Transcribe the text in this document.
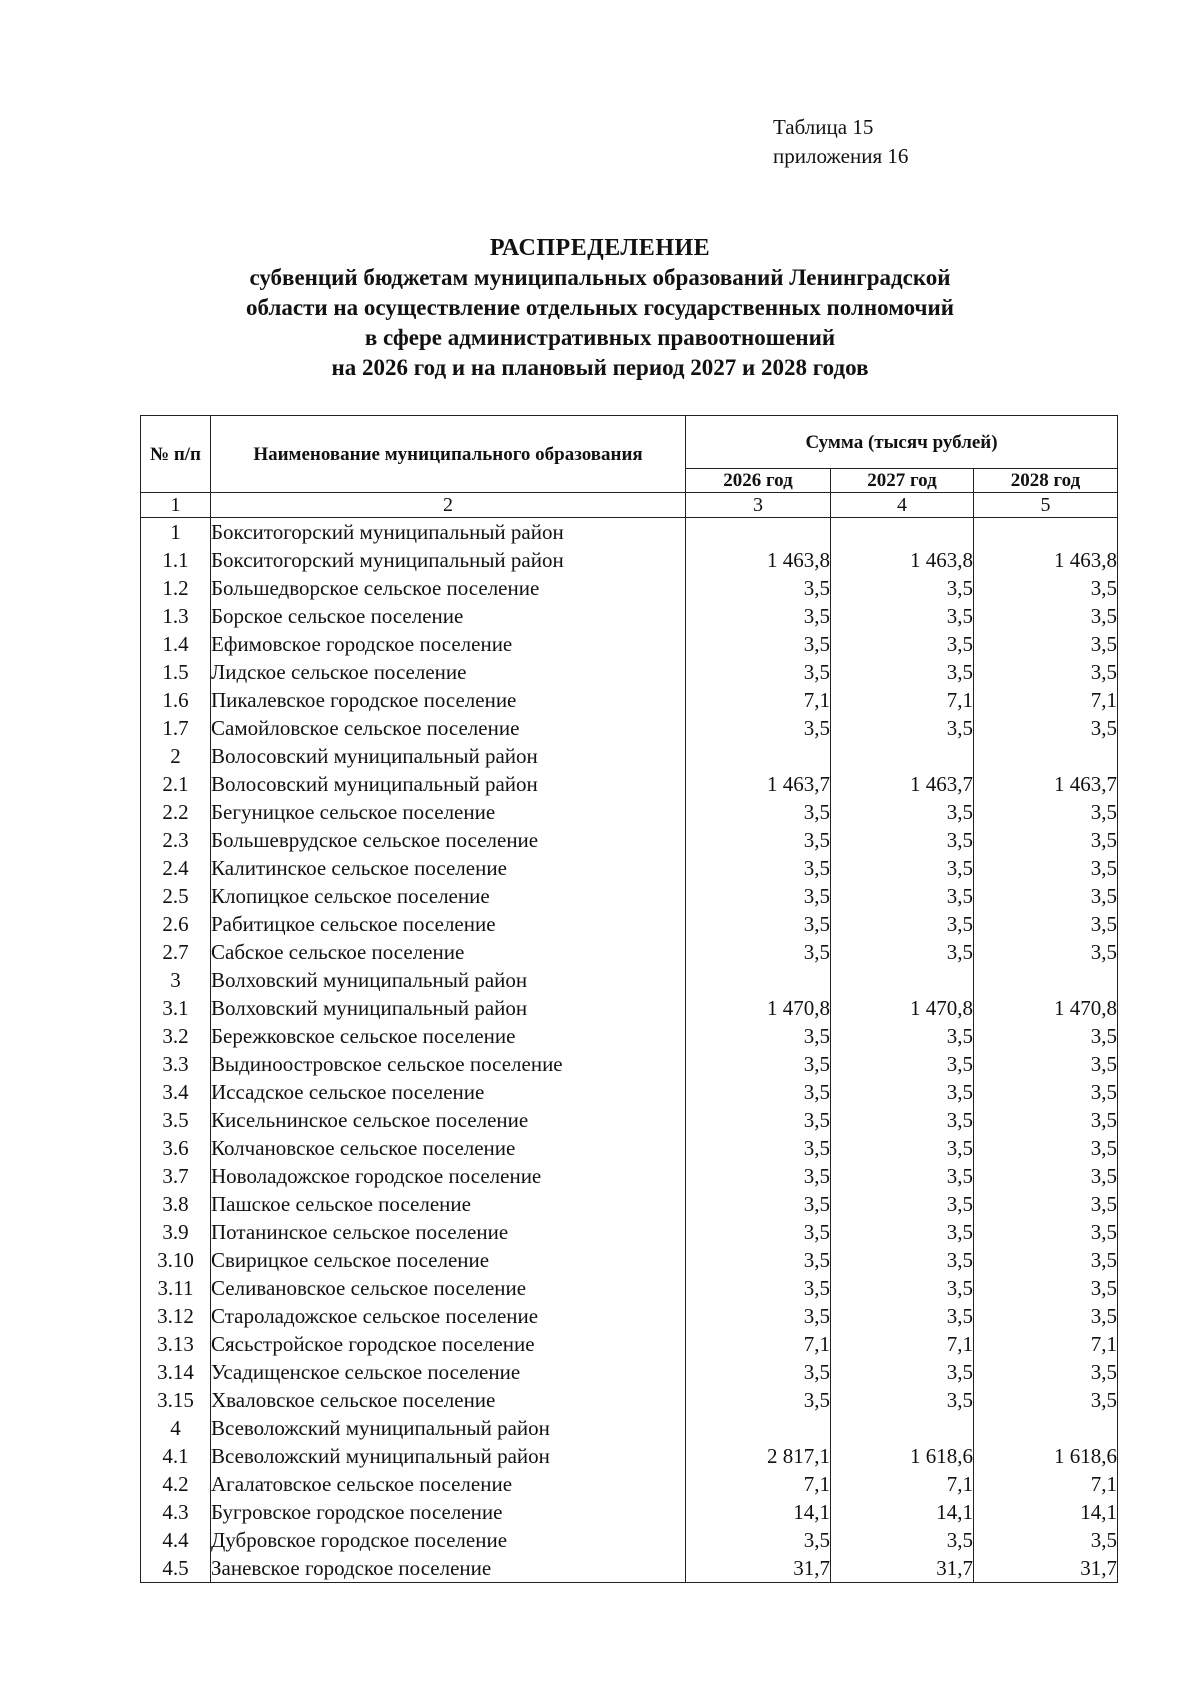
Таблица 15
приложения 16
РАСПРЕДЕЛЕНИЕ
субвенций бюджетам муниципальных образований Ленинградской
области на осуществление отдельных государственных полномочий
в сфере административных правоотношений
на 2026 год и на плановый период 2027 и 2028 годов
№ п/п	Наименование муниципального образования	Сумма (тысяч рублей)		
		2026 год	2027 год	2028 год
1	2	3	4	5
1	Бокситогорский муниципальный район			
1.1	Бокситогорский муниципальный район	1 463,8	1 463,8	1 463,8
1.2	Большедворское сельское поселение	3,5	3,5	3,5
1.3	Борское сельское поселение	3,5	3,5	3,5
1.4	Ефимовское городское поселение	3,5	3,5	3,5
1.5	Лидское сельское поселение	3,5	3,5	3,5
1.6	Пикалевское городское поселение	7,1	7,1	7,1
1.7	Самойловское сельское поселение	3,5	3,5	3,5
2	Волосовский муниципальный район			
2.1	Волосовский муниципальный район	1 463,7	1 463,7	1 463,7
2.2	Бегуницкое сельское поселение	3,5	3,5	3,5
2.3	Большеврудское сельское поселение	3,5	3,5	3,5
2.4	Калитинское сельское поселение	3,5	3,5	3,5
2.5	Клопицкое сельское поселение	3,5	3,5	3,5
2.6	Рабитицкое сельское поселение	3,5	3,5	3,5
2.7	Сабское сельское поселение	3,5	3,5	3,5
3	Волховский муниципальный район			
3.1	Волховский муниципальный район	1 470,8	1 470,8	1 470,8
3.2	Бережковское сельское поселение	3,5	3,5	3,5
3.3	Выдиноостровское сельское поселение	3,5	3,5	3,5
3.4	Иссадское сельское поселение	3,5	3,5	3,5
3.5	Кисельнинское сельское поселение	3,5	3,5	3,5
3.6	Колчановское сельское поселение	3,5	3,5	3,5
3.7	Новоладожское городское поселение	3,5	3,5	3,5
3.8	Пашское сельское поселение	3,5	3,5	3,5
3.9	Потанинское сельское поселение	3,5	3,5	3,5
3.10	Свирицкое сельское поселение	3,5	3,5	3,5
3.11	Селивановское сельское поселение	3,5	3,5	3,5
3.12	Староладожское сельское поселение	3,5	3,5	3,5
3.13	Сясьстройское городское поселение	7,1	7,1	7,1
3.14	Усадищенское сельское поселение	3,5	3,5	3,5
3.15	Хваловское сельское поселение	3,5	3,5	3,5
4	Всеволожский муниципальный район			
4.1	Всеволожский муниципальный район	2 817,1	1 618,6	1 618,6
4.2	Агалатовское сельское поселение	7,1	7,1	7,1
4.3	Бугровское городское поселение	14,1	14,1	14,1
4.4	Дубровское городское поселение	3,5	3,5	3,5
4.5	Заневское городское поселение	31,7	31,7	31,7
